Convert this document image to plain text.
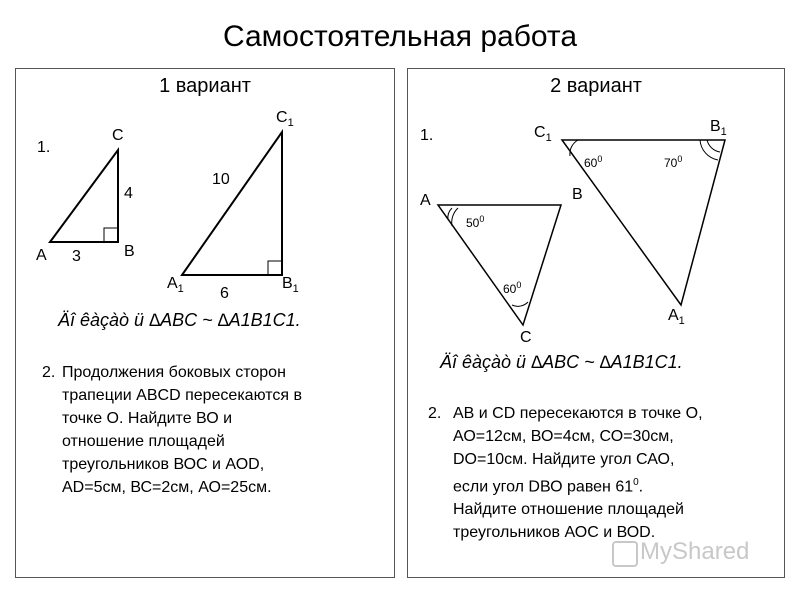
Самостоятельная работа
1 вариант	2 вариант
1.
A	B
C
3
4
$A_1$	$B_1$
$C_1$
10
6
Äî êàçàò ü ∆ABC ~ ∆A1B1C1.
1.
A	B
C
$50^0$
$60^0$
$C_1$
$B_1$
$A_1$
$60^0$	$70^0$
Äî êàçàò ü ∆ABC ~ ∆A1B1C1.
2. Продолжения боковых сторон
трапеции ABCD пересекаются в
точке О. Найдите ВО и
отношение площадей
треугольников ВОС и АОD,
АD=5см, ВС=2см, АО=25см.
2. АВ и CD пересекаются в точке О,
АО=12см, ВО=4см, СО=30см,
DО=10см. Найдите угол САО,
если угол DВО равен $61^0$.
Найдите отношение площадей
треугольников АОС и ВОD.
MyShared
